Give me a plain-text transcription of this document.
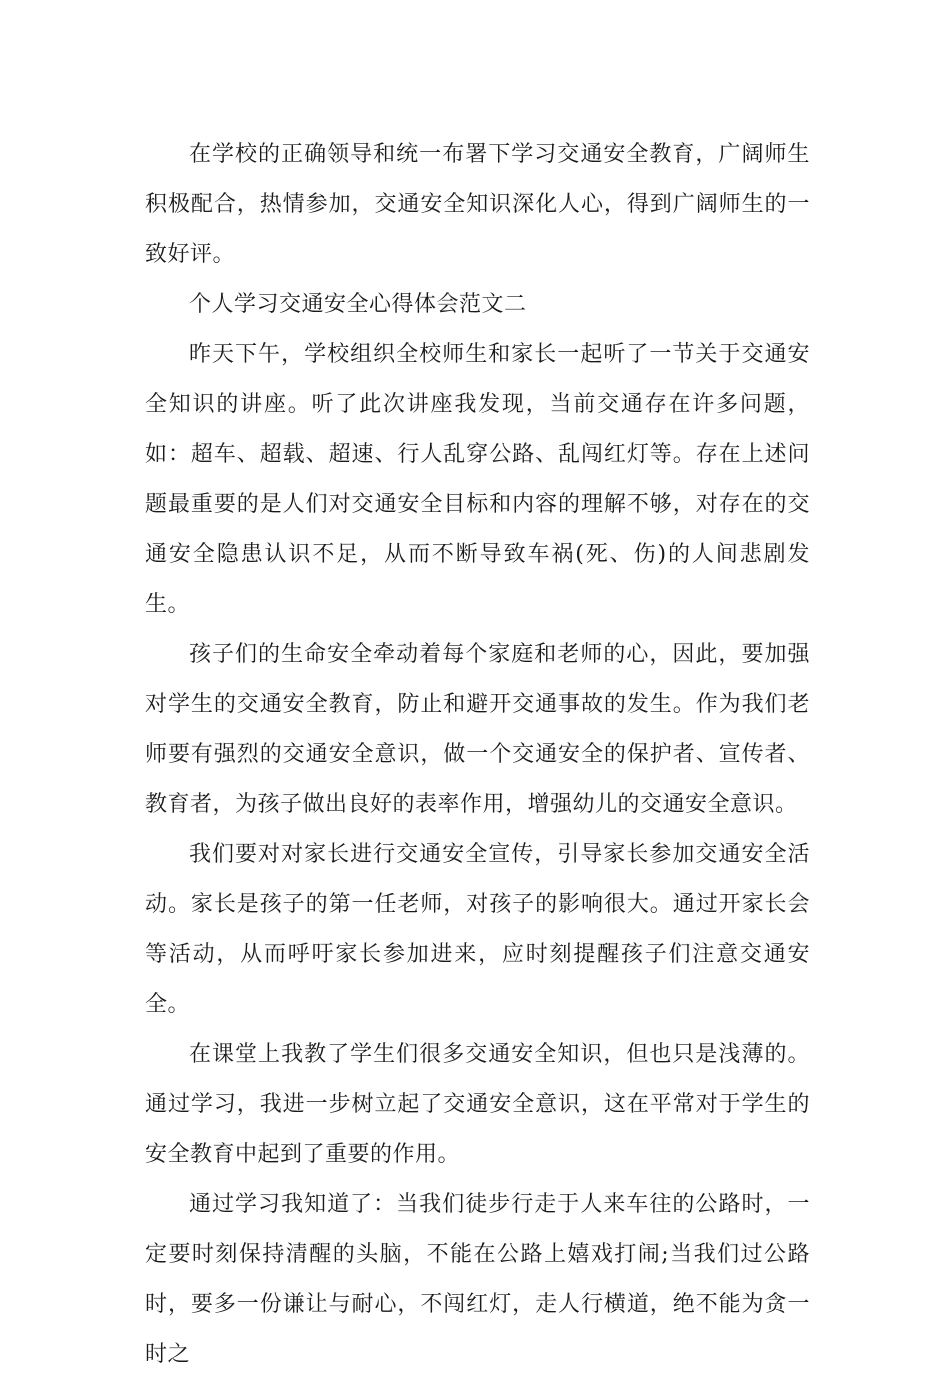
在学校的正确领导和统一布署下学习交通安全教育，广阔师生积极配合，热情参加，交通安全知识深化人心，得到广阔师生的一致好评。

个人学习交通安全心得体会范文二

昨天下午，学校组织全校师生和家长一起听了一节关于交通安全知识的讲座。听了此次讲座我发现，当前交通存在许多问题，如：超车、超载、超速、行人乱穿公路、乱闯红灯等。存在上述问题最重要的是人们对交通安全目标和内容的理解不够，对存在的交通安全隐患认识不足，从而不断导致车祸(死、伤)的人间悲剧发生。

孩子们的生命安全牵动着每个家庭和老师的心，因此，要加强对学生的交通安全教育，防止和避开交通事故的发生。作为我们老师要有强烈的交通安全意识，做一个交通安全的保护者、宣传者、教育者，为孩子做出良好的表率作用，增强幼儿的交通安全意识。

我们要对对家长进行交通安全宣传，引导家长参加交通安全活动。家长是孩子的第一任老师，对孩子的影响很大。通过开家长会等活动，从而呼吁家长参加进来，应时刻提醒孩子们注意交通安全。

在课堂上我教了学生们很多交通安全知识，但也只是浅薄的。通过学习，我进一步树立起了交通安全意识，这在平常对于学生的安全教育中起到了重要的作用。

通过学习我知道了：当我们徒步行走于人来车往的公路时，一定要时刻保持清醒的头脑，不能在公路上嬉戏打闹;当我们过公路时，要多一份谦让与耐心，不闯红灯，走人行横道，绝不能为贪一时之
